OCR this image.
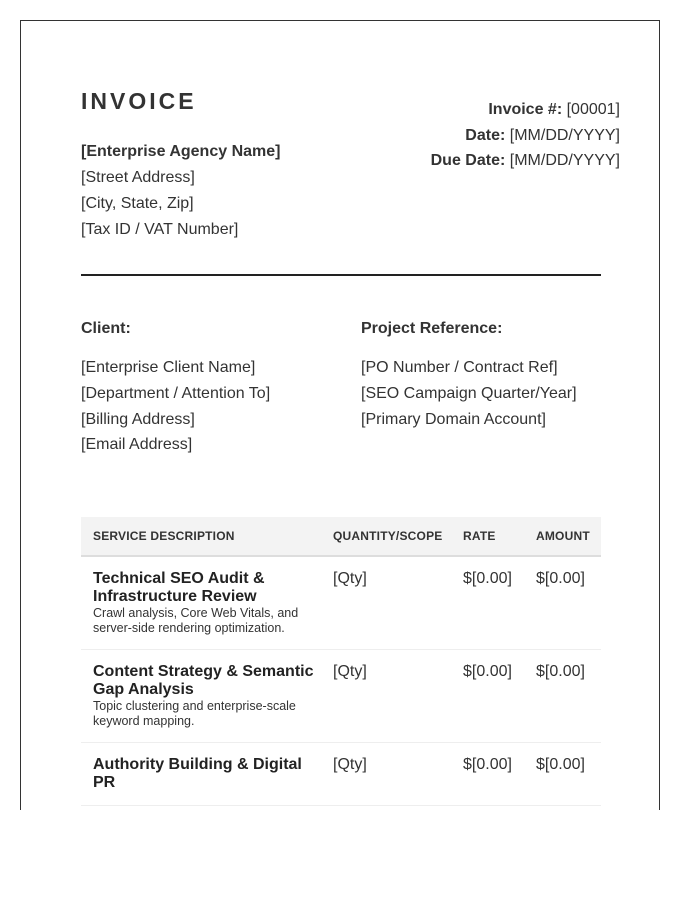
INVOICE
[Enterprise Agency Name]
[Street Address]
[City, State, Zip]
[Tax ID / VAT Number]
Invoice #: [00001]
Date: [MM/DD/YYYY]
Due Date: [MM/DD/YYYY]
Client:
[Enterprise Client Name]
[Department / Attention To]
[Billing Address]
[Email Address]
Project Reference:
[PO Number / Contract Ref]
[SEO Campaign Quarter/Year]
[Primary Domain Account]
SERVICE DESCRIPTION	QUANTITY/SCOPE	RATE	AMOUNT

Technical SEO Audit & Infrastructure Review
Crawl analysis, Core Web Vitals, and server-side rendering optimization.	[Qty]	$[0.00]	$[0.00]

Content Strategy & Semantic Gap Analysis
Topic clustering and enterprise-scale keyword mapping.	[Qty]	$[0.00]	$[0.00]

Authority Building & Digital PR	[Qty]	$[0.00]	$[0.00]
